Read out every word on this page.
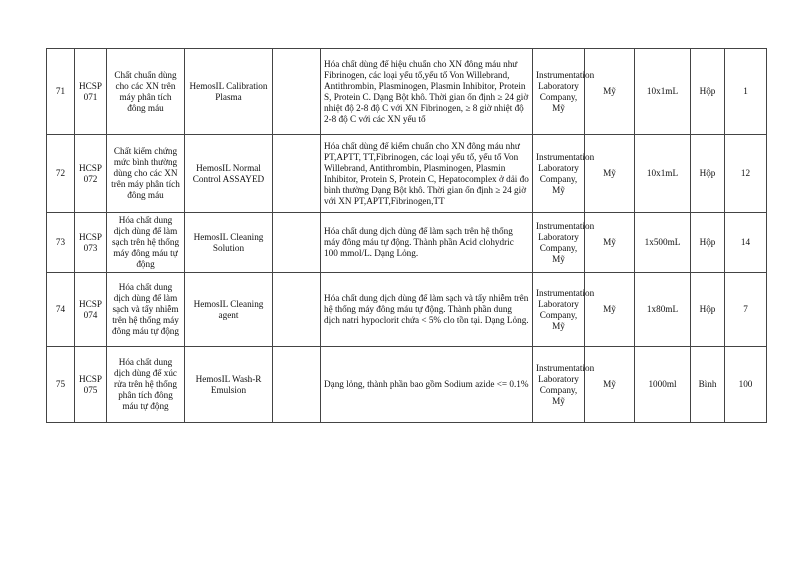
71	HCSP 071	Chất chuẩn dùng cho các XN trên máy phân tích đông máu	HemosIL Calibration Plasma		Hóa chất dùng để hiệu chuẩn cho XN đông máu như Fibrinogen, các loại yếu tố,yếu tố Von Willebrand, Antithrombin, Plasminogen, Plasmin Inhibitor, Protein S, Protein C. Dạng Bột khô. Thời gian ổn định ≥ 24 giờ nhiệt độ 2-8 độ C với XN Fibrinogen, ≥ 8 giờ nhiệt độ 2-8 độ C với các XN yếu tố	Instrumentation Laboratory Company, Mỹ	Mỹ	10x1mL	Hộp	1
72	HCSP 072	Chất kiểm chứng mức bình thường dùng cho các XN trên máy phân tích đông máu	HemosIL Normal Control ASSAYED		Hóa chất dùng để kiểm chuẩn cho XN đông máu như PT,APTT, TT,Fibrinogen, các loại yếu tố, yếu tố Von Willebrand, Antithrombin, Plasminogen, Plasmin Inhibitor, Protein S, Protein C, Hepatocomplex ở dải đo bình thường Dạng Bột khô. Thời gian ổn định ≥ 24 giờ với XN PT,APTT,Fibrinogen,TT	Instrumentation Laboratory Company, Mỹ	Mỹ	10x1mL	Hộp	12
73	HCSP 073	Hóa chất dung dịch dùng để làm sạch trên hệ thống máy đông máu tự động	HemosIL Cleaning Solution		Hóa chất dung dịch dùng để làm sạch trên hệ thống máy đông máu tự động. Thành phần Acid clohydric 100 mmol/L. Dạng Lỏng.	Instrumentation Laboratory Company, Mỹ	Mỹ	1x500mL	Hộp	14
74	HCSP 074	Hóa chất dung dịch dùng để làm sạch và tẩy nhiễm trên hệ thống máy đông máu tự động	HemosIL Cleaning agent		Hóa chất dung dịch dùng để làm sạch và tẩy nhiễm trên hệ thống máy đông máu tự động. Thành phần dung dịch natri hypoclorit chứa < 5% clo tồn tại. Dạng Lỏng.	Instrumentation Laboratory Company, Mỹ	Mỹ	1x80mL	Hộp	7
75	HCSP 075	Hóa chất dung dịch dùng để xúc rửa trên hệ thống phân tích đông máu tự động	HemosIL Wash-R Emulsion		Dạng lỏng, thành phần bao gồm Sodium azide <= 0.1%	Instrumentation Laboratory Company, Mỹ	Mỹ	1000ml	Bình	100
